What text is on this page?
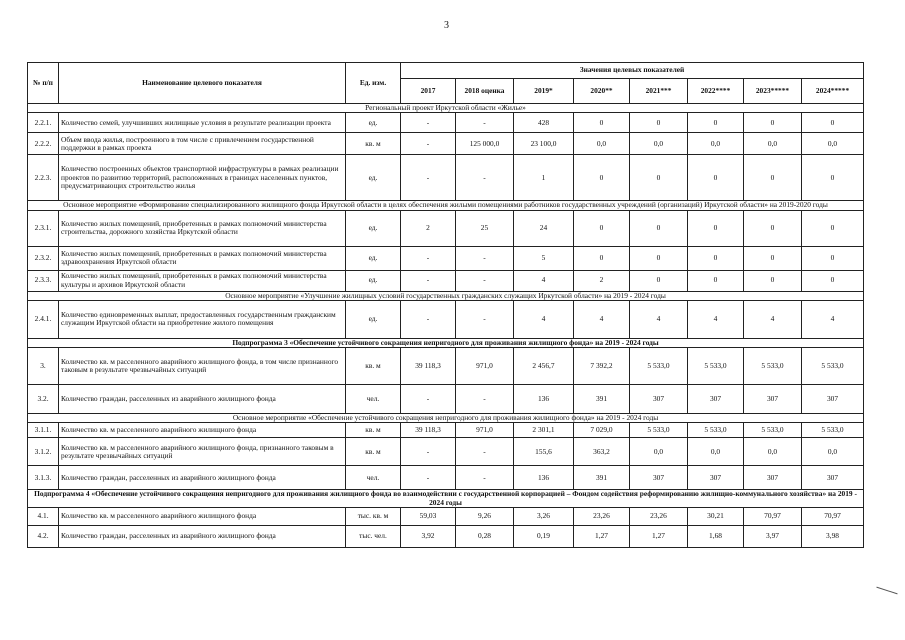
3
№ п/п	Наименование целевого показателя	Ед. изм.	Значения целевых показателей							
			2017	2018 оценка	2019*	2020**	2021***	2022****	2023*****	2024*****
Региональный проект Иркутской области «Жилье»										
2.2.1.	Количество семей, улучшивших жилищные условия в результате реализации проекта	ед.	-	-	428	0	0	0	0	0
2.2.2.	Объем ввода жилья, построенного в том числе с привлечением государственной поддержки в рамках проекта	кв. м	-	125 000,0	23 100,0	0,0	0,0	0,0	0,0	0,0
2.2.3.	Количество построенных объектов транспортной инфраструктуры в рамках реализации проектов по развитию территорий, расположенных в границах населенных пунктов, предусматривающих строительство жилья	ед.	-	-	1	0	0	0	0	0
Основное мероприятие «Формирование специализированного жилищного фонда Иркутской области в целях обеспечения жилыми помещениями работников государственных учреждений (организаций) Иркутской области» на 2019-2020 годы										
2.3.1.	Количество жилых помещений, приобретенных в рамках полномочий министерства строительства, дорожного хозяйства Иркутской области	ед.	2	25	24	0	0	0	0	0
2.3.2.	Количество жилых помещений, приобретенных в рамках полномочий министерства здравоохранения Иркутской области	ед.	-	-	5	0	0	0	0	0
2.3.3.	Количество жилых помещений, приобретенных в рамках полномочий министерства культуры и архивов Иркутской области	ед.	-	-	4	2	0	0	0	0
Основное мероприятие «Улучшение жилищных условий государственных гражданских служащих Иркутской области» на 2019 - 2024 годы										
2.4.1.	Количество единовременных выплат, предоставленных государственным гражданским служащим Иркутской области на приобретение жилого помещения	ед.	-	-	4	4	4	4	4	4
Подпрограмма 3 «Обеспечение устойчивого сокращения непригодного для проживания жилищного фонда» на 2019 - 2024 годы										
3.	Количество кв. м расселенного аварийного жилищного фонда, в том числе признанного таковым в результате чрезвычайных ситуаций	кв. м	39 118,3	971,0	2 456,7	7 392,2	5 533,0	5 533,0	5 533,0	5 533,0
3.2.	Количество граждан, расселенных из аварийного жилищного фонда	чел.	-	-	136	391	307	307	307	307
Основное мероприятие «Обеспечение устойчивого сокращения непригодного для проживания жилищного фонда» на 2019 - 2024 годы										
3.1.1.	Количество кв. м расселенного аварийного жилищного фонда	кв. м	39 118,3	971,0	2 301,1	7 029,0	5 533,0	5 533,0	5 533,0	5 533,0
3.1.2.	Количество кв. м расселенного аварийного жилищного фонда, признанного таковым в результате чрезвычайных ситуаций	кв. м	-	-	155,6	363,2	0,0	0,0	0,0	0,0
3.1.3.	Количество граждан, расселенных из аварийного жилищного фонда	чел.	-	-	136	391	307	307	307	307
Подпрограмма 4 «Обеспечение устойчивого сокращения непригодного для проживания жилищного фонда во взаимодействии с государственной корпорацией – Фондом содействия реформированию жилищно-коммунального хозяйства» на 2019 - 2024 годы										
4.1.	Количество кв. м расселенного аварийного жилищного фонда	тыс. кв. м	59,03	9,26	3,26	23,26	23,26	30,21	70,97	70,97
4.2.	Количество граждан, расселенных из аварийного жилищного фонда	тыс. чел.	3,92	0,28	0,19	1,27	1,27	1,68	3,97	3,98
